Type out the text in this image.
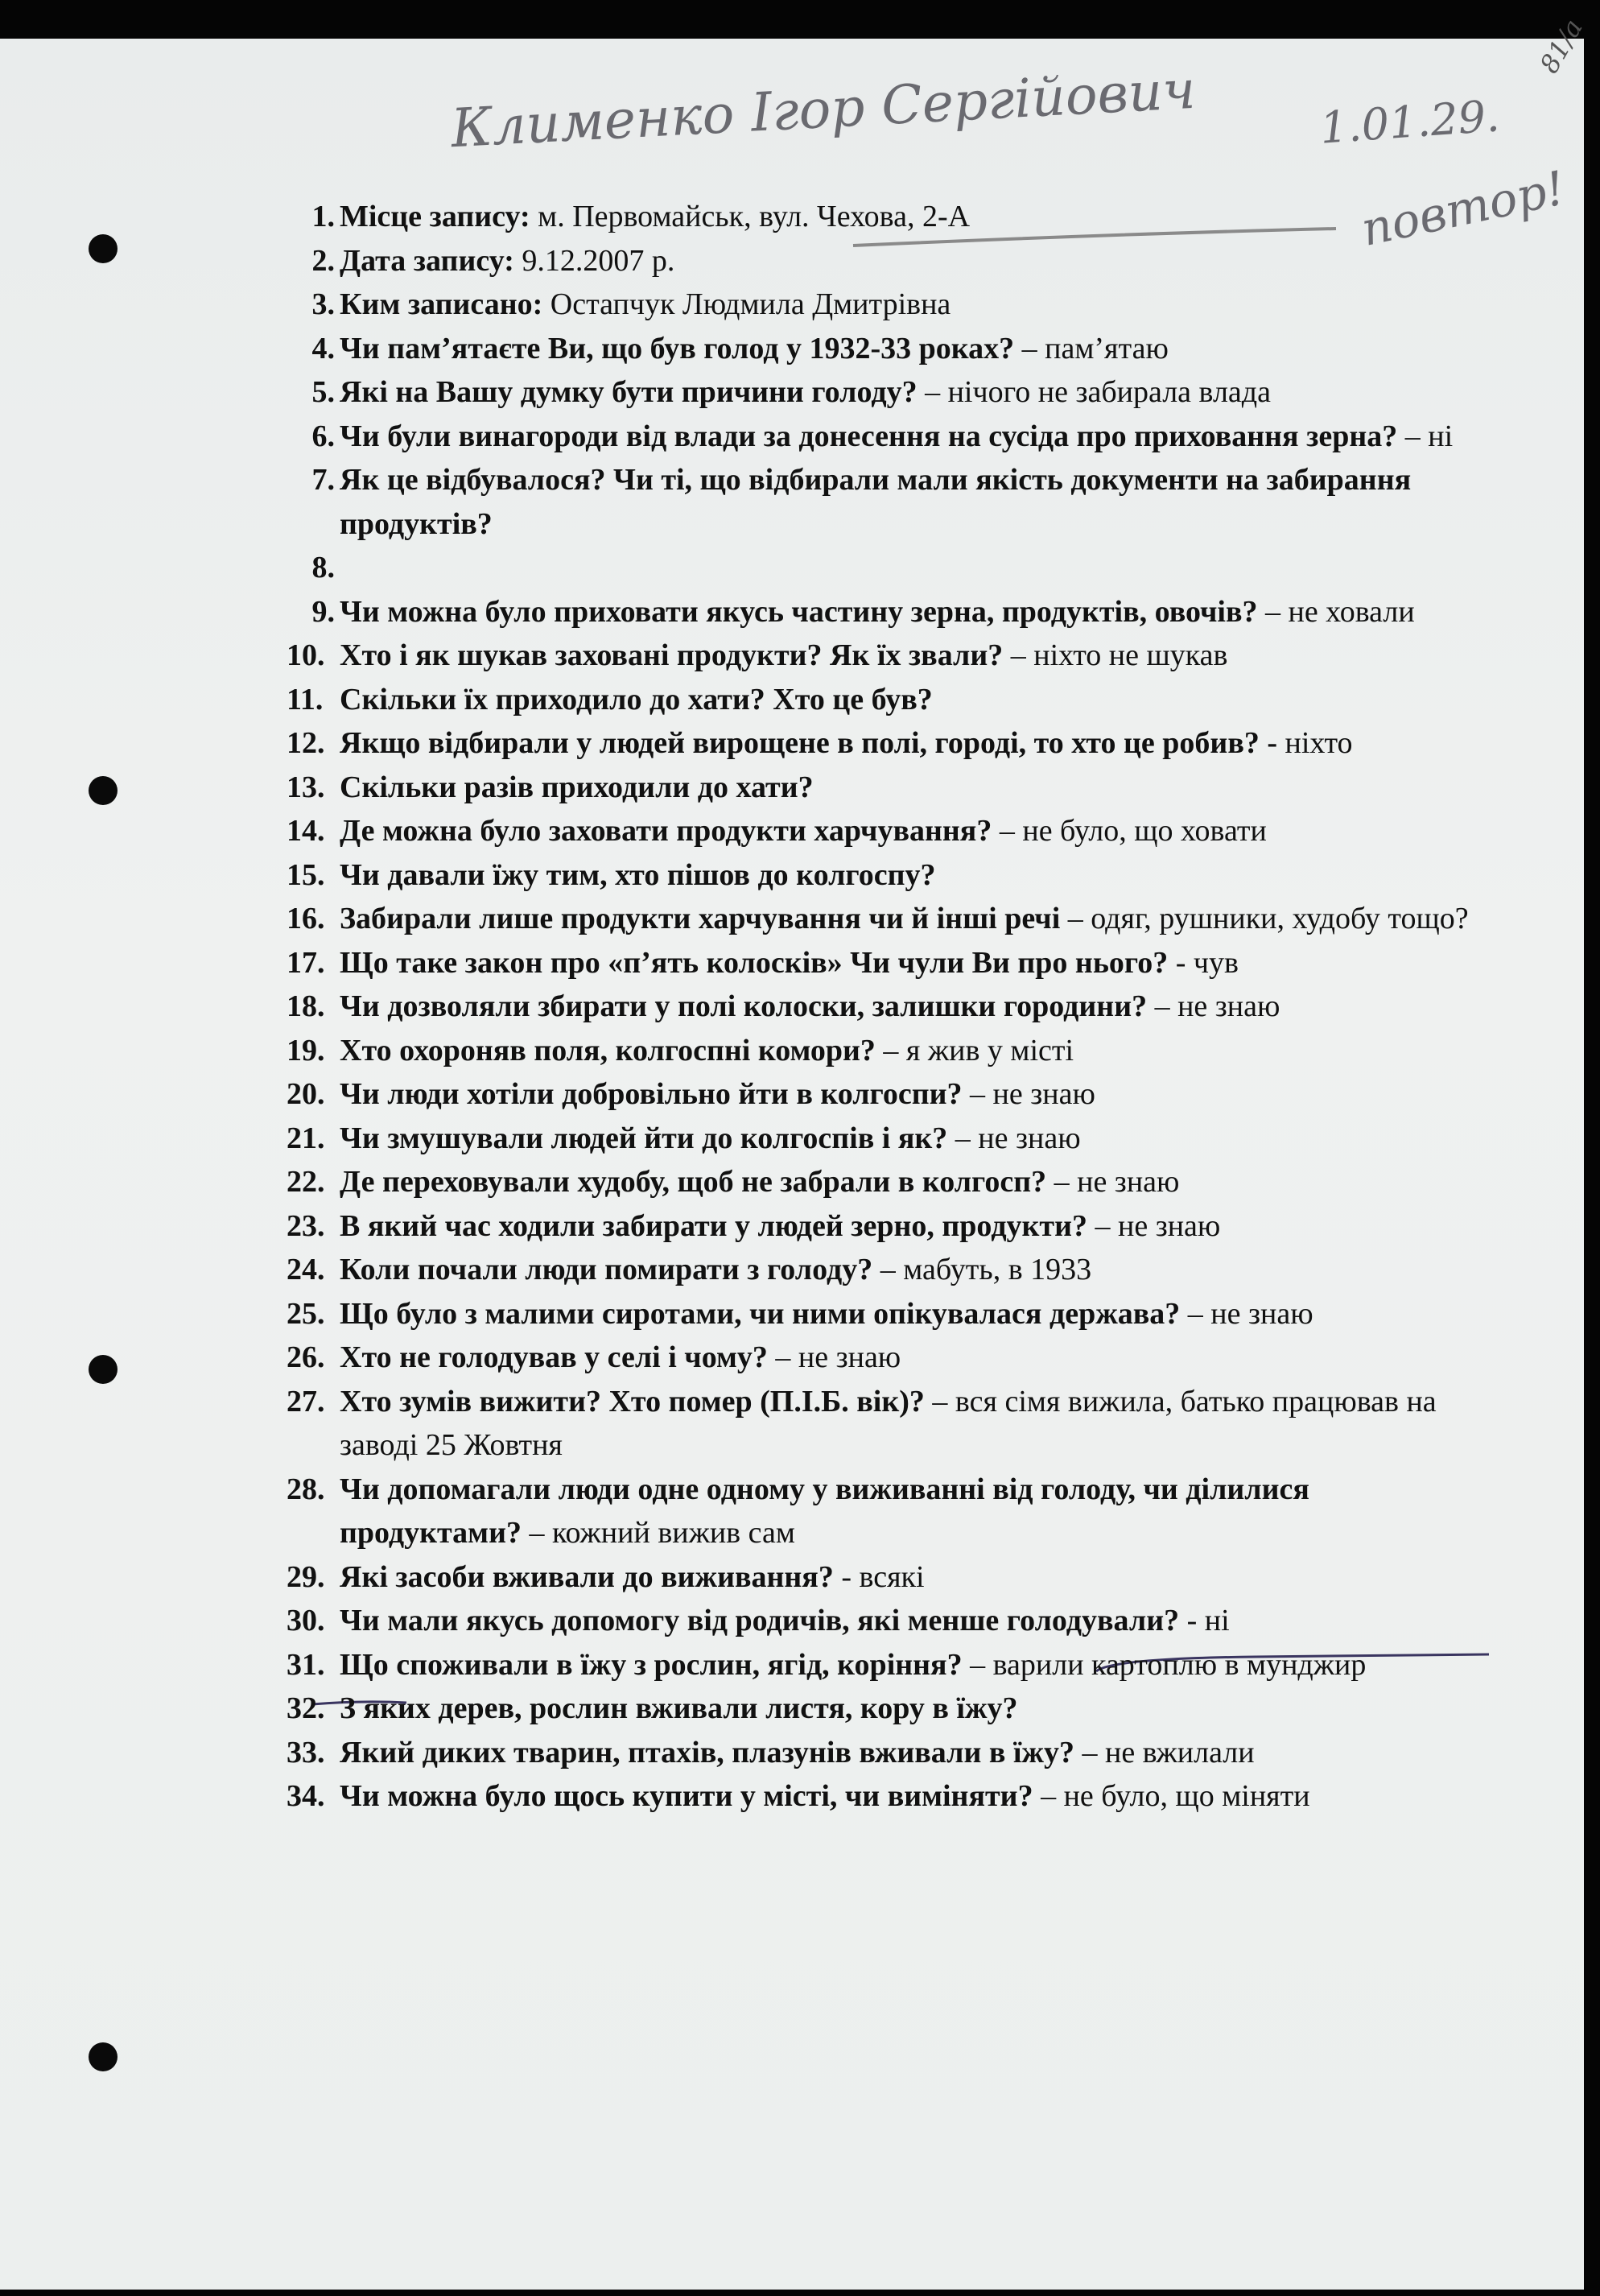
Клименко Ігор Сергійович	1.01.29.
81/а
повтор!
1. Місце запису: м. Первомайськ, вул. Чехова, 2-А
2. Дата запису: 9.12.2007 р.
3. Ким записано: Остапчук Людмила Дмитрівна
4. Чи пам’ятаєте Ви, що був голод у 1932-33 роках? – пам’ятаю
5. Які на Вашу думку бути причини голоду? – нічого не забирала влада
6. Чи були винагороди від влади за донесення на сусіда про приховання зерна? – ні
7. Як це відбувалося? Чи ті, що відбирали мали якість документи на забирання продуктів?
8.
9. Чи можна було приховати якусь частину зерна, продуктів, овочів? – не ховали
10. Хто і як шукав заховані продукти? Як їх звали? – ніхто не шукав
11. Скільки їх приходило до хати? Хто це був?
12. Якщо відбирали у людей вирощене в полі, городі, то хто це робив? - ніхто
13. Скільки разів приходили до хати?
14. Де можна було заховати продукти харчування? – не було, що ховати
15. Чи давали їжу тим, хто пішов до колгоспу?
16. Забирали лише продукти харчування чи й інші речі – одяг, рушники, худобу тощо?
17. Що таке закон про «п’ять колосків» Чи чули Ви про нього? - чув
18. Чи дозволяли збирати у полі колоски, залишки городини? – не знаю
19. Хто охороняв поля, колгоспні комори? – я жив у місті
20. Чи люди хотіли добровільно йти в колгоспи? – не знаю
21. Чи змушували людей йти до колгоспів і як? – не знаю
22. Де переховували худобу, щоб не забрали в колгосп? – не знаю
23. В який час ходили забирати у людей зерно, продукти? – не знаю
24. Коли почали люди помирати з голоду? – мабуть, в 1933
25. Що було з малими сиротами, чи ними опікувалася держава? – не знаю
26. Хто не голодував у селі і чому? – не знаю
27. Хто зумів вижити? Хто помер (П.І.Б. вік)? – вся сімя вижила, батько працював на заводі 25 Жовтня
28. Чи допомагали люди одне одному у виживанні від голоду, чи ділилися продуктами? – кожний вижив сам
29. Які засоби вживали до виживання? - всякі
30. Чи мали якусь допомогу від родичів, які менше голодували? - ні
31. Що споживали в їжу з рослин, ягід, коріння? – варили картоплю в мунджир
32. З яких дерев, рослин вживали листя, кору в їжу?
33. Який диких тварин, птахів, плазунів вживали в їжу? – не вжилали
34. Чи можна було щось купити у місті, чи виміняти? – не було, що міняти
